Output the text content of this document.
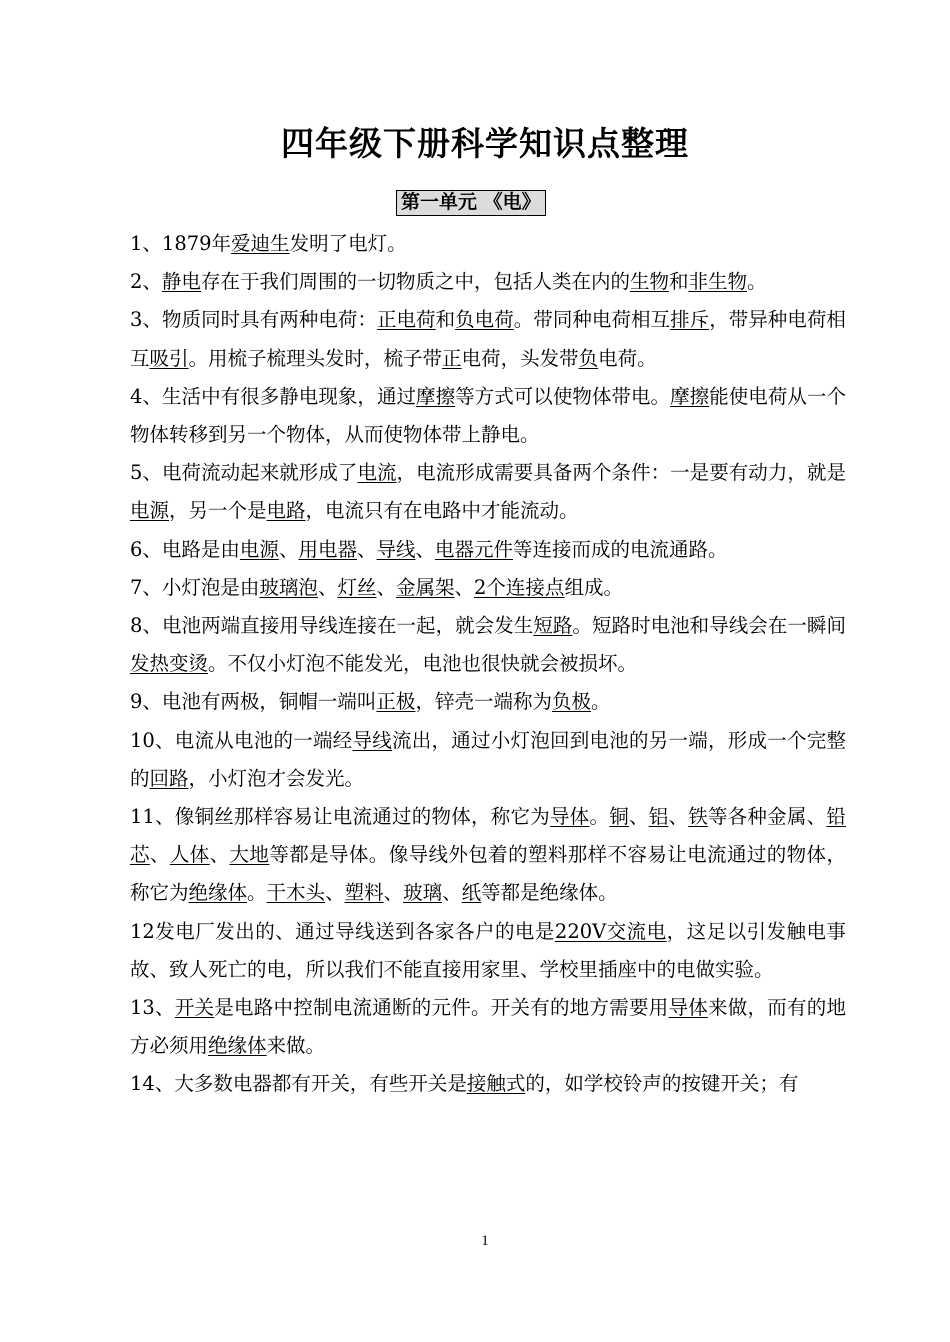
四年级下册科学知识点整理
第一单元 《电》

1、1879年爱迪生发明了电灯。

2、静电存在于我们周围的一切物质之中，包括人类在内的生物和非生物。

3、物质同时具有两种电荷：正电荷和负电荷。带同种电荷相互排斥，带异种电荷相互吸引。用梳子梳理头发时，梳子带正电荷，头发带负电荷。

4、生活中有很多静电现象，通过摩擦等方式可以使物体带电。摩擦能使电荷从一个物体转移到另一个物体，从而使物体带上静电。

5、电荷流动起来就形成了电流，电流形成需要具备两个条件：一是要有动力，就是电源，另一个是电路，电流只有在电路中才能流动。

6、电路是由电源、用电器、导线、电器元件等连接而成的电流通路。

7、小灯泡是由玻璃泡、灯丝、金属架、2个连接点组成。

8、电池两端直接用导线连接在一起，就会发生短路。短路时电池和导线会在一瞬间发热变烫。不仅小灯泡不能发光，电池也很快就会被损坏。

9、电池有两极，铜帽一端叫正极，锌壳一端称为负极。

10、电流从电池的一端经导线流出，通过小灯泡回到电池的另一端，形成一个完整的回路，小灯泡才会发光。

11、像铜丝那样容易让电流通过的物体，称它为导体。铜、铝、铁等各种金属、铅芯、人体、大地等都是导体。像导线外包着的塑料那样不容易让电流通过的物体，称它为绝缘体。干木头、塑料、玻璃、纸等都是绝缘体。

12发电厂发出的、通过导线送到各家各户的电是220V交流电，这足以引发触电事故、致人死亡的电，所以我们不能直接用家里、学校里插座中的电做实验。

13、开关是电路中控制电流通断的元件。开关有的地方需要用导体来做，而有的地方必须用绝缘体来做。

14、大多数电器都有开关，有些开关是接触式的，如学校铃声的按键开关；有

1
